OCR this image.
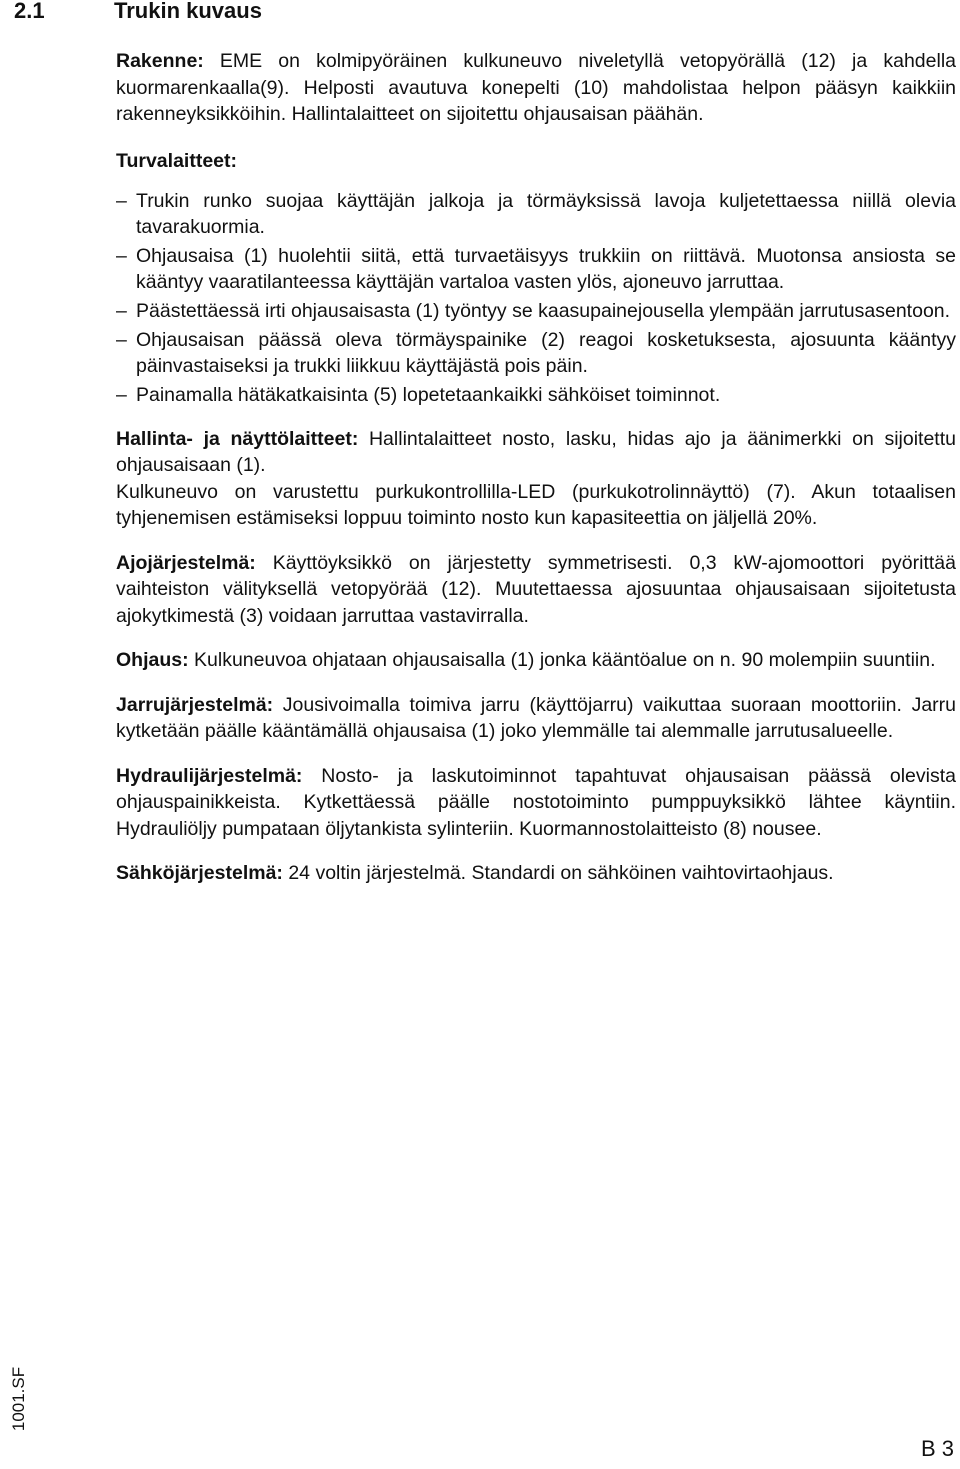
2.1	Trukin kuvaus

Rakenne: EME on kolmipyöräinen kulkuneuvo niveletyllä vetopyörällä (12) ja kahdella kuormarenkaalla(9). Helposti avautuva konepelti (10) mahdolistaa helpon pääsyn kaikkiin rakenneyksikköihin. Hallintalaitteet on sijoitettu ohjausaisan päähän.

Turvalaitteet:
– Trukin runko suojaa käyttäjän jalkoja ja törmäyksissä lavoja kuljetettaessa niillä olevia tavarakuormia.
– Ohjausaisa (1) huolehtii siitä, että turvaetäisyys trukkiin on riittävä. Muotonsa ansiosta se kääntyy vaaratilanteessa käyttäjän vartaloa vasten ylös, ajoneuvo jarruttaa.
– Päästettäessä irti ohjausaisasta (1) työntyy se kaasupainejousella ylempään jarrutusasentoon.
– Ohjausaisan päässä oleva törmäyspainike (2) reagoi kosketuksesta, ajosuunta kääntyy päinvastaiseksi ja trukki liikkuu käyttäjästä pois päin.
– Painamalla hätäkatkaisinta (5) lopetetaankaikki sähköiset toiminnot.

Hallinta- ja näyttölaitteet: Hallintalaitteet nosto, lasku, hidas ajo ja äänimerkki on sijoitettu ohjausaisaan (1).

Kulkuneuvo on varustettu purkukontrollilla-LED (purkukotrolinnäyttö) (7). Akun totaalisen tyhjenemisen estämiseksi loppuu toiminto nosto kun kapasiteettia on jäljellä 20%.

Ajojärjestelmä: Käyttöyksikkö on järjestetty symmetrisesti. 0,3 kW-ajomoottori pyörittää vaihteiston välityksellä vetopyörää (12). Muutettaessa ajosuuntaa ohjausaisaan sijoitetusta ajokytkimestä (3) voidaan jarruttaa vastavirralla.

Ohjaus: Kulkuneuvoa ohjataan ohjausaisalla (1) jonka kääntöalue on n. 90 molempiin suuntiin.

Jarrujärjestelmä: Jousivoimalla toimiva jarru (käyttöjarru) vaikuttaa suoraan moottoriin. Jarru kytketään päälle kääntämällä ohjausaisa (1) joko ylemmälle tai alemmalle jarrutusalueelle.

Hydraulijärjestelmä: Nosto- ja laskutoiminnot tapahtuvat ohjausaisan päässä olevista ohjauspainikkeista. Kytkettäessä päälle nostotoiminto pumppuyksikkö lähtee käyntiin. Hydrauliöljy pumpataan öljytankista sylinteriin. Kuormannostolaitteisto (8) nousee.

Sähköjärjestelmä: 24 voltin järjestelmä. Standardi on sähköinen vaihtovirtaohjaus.

1001.SF
B 3
